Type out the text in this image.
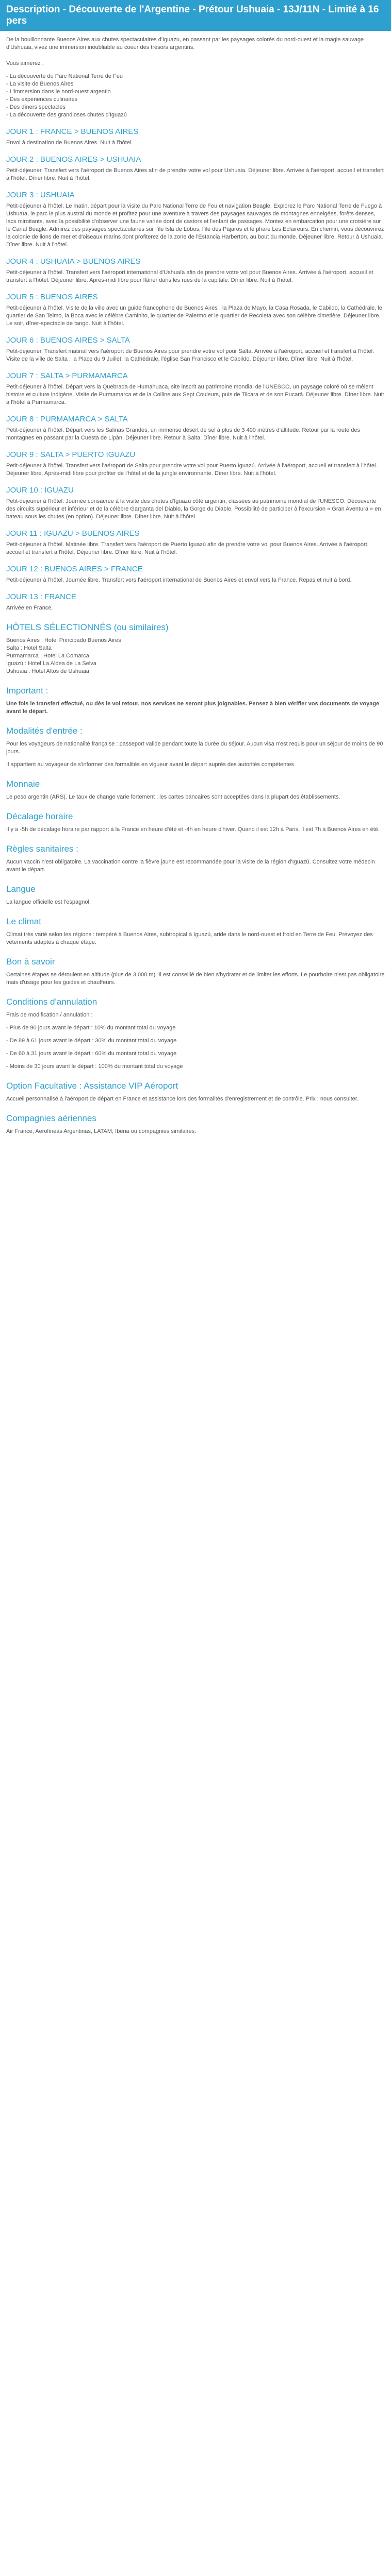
Description - Découverte de l'Argentine - Prétour Ushuaia - 13J/11N - Limité à 16 pers

De la bouillonnante Buenos Aires aux chutes spectaculaires d'Iguazu, en passant par les paysages colorés du nord-ouest et la magie sauvage d'Ushuaia, vivez une immersion inoubliable au coeur des trésors argentins.

Vous aimerez :

- La découverte du Parc National Terre de Feu
- La visite de Buenos Aires
- L'immersion dans le nord-ouest argentin
- Des expériences culinaires
- Des dîners spectacles
- La découverte des grandioses chutes d'Iguazú
JOUR 1 : FRANCE > BUENOS AIRES

Envol à destination de Buenos Aires. Nuit à l'hôtel.

JOUR 2 : BUENOS AIRES > USHUAIA

Petit-déjeuner. Transfert vers l'aéroport de Buenos Aires afin de prendre votre vol pour Ushuaia. Déjeuner libre. Arrivée à l'aéroport, accueil et transfert à l'hôtel. Dîner libre. Nuit à l'hôtel.

JOUR 3 : USHUAIA

Petit-déjeuner à l'hôtel. Le matin, départ pour la visite du Parc National Terre de Feu et navigation Beagle. Explorez le Parc National Terre de Fuego à Ushuaïa, le parc le plus austral du monde et profitez pour une aventure à travers des paysages sauvages de montagnes enneigées, forêts denses, lacs miroitants, avec la possibilité d'observer une faune variée dont de castors et l'enfant de passages. Montez en embarcation pour une croisière sur le Canal Beagle. Admirez des paysages spectaculaires sur l'île Isla de Lobos, l'île des Pájaros et le phare Les Eclaireurs. En chemin, vous découvrirez la colonie de lions de mer et d'oiseaux marins dont profiterez de la zone de l'Estancia Harberton, au bout du monde. Déjeuner libre. Retour à Ushuaia. Dîner libre. Nuit à l'hôtel.

JOUR 4 : USHUAIA > BUENOS AIRES

Petit-déjeuner à l'hôtel. Transfert vers l'aéroport international d'Ushuaïa afin de prendre votre vol pour Buenos Aires. Arrivée à l'aéroport, accueil et transfert à l'hôtel. Déjeuner libre. Après-midi libre pour flâner dans les rues de la capitale. Dîner libre. Nuit à l'hôtel.

JOUR 5 : BUENOS AIRES

Petit-déjeuner à l'hôtel. Visite de la ville avec un guide francophone de Buenos Aires : la Plaza de Mayo, la Casa Rosada, le Cabildo, la Cathédrale, le quartier de San Telmo, la Boca avec le célèbre Caminito, le quartier de Palermo et le quartier de Recoleta avec son célèbre cimetière. Déjeuner libre. Le soir, dîner-spectacle de tango. Nuit à l'hôtel.

JOUR 6 : BUENOS AIRES > SALTA

Petit-déjeuner. Transfert matinal vers l'aéroport de Buenos Aires pour prendre votre vol pour Salta. Arrivée à l'aéroport, accueil et transfert à l'hôtel. Visite de la ville de Salta : la Place du 9 Juillet, la Cathédrale, l'église San Francisco et le Cabildo. Déjeuner libre. Dîner libre. Nuit à l'hôtel.

JOUR 7 : SALTA > PURMAMARCA

Petit-déjeuner à l'hôtel. Départ vers la Quebrada de Humahuaca, site inscrit au patrimoine mondial de l'UNESCO, un paysage coloré où se mêlent histoire et culture indigène. Visite de Purmamarca et de la Colline aux Sept Couleurs, puis de Tilcara et de son Pucará. Déjeuner libre. Dîner libre. Nuit à l'hôtel à Purmamarca.

JOUR 8 : PURMAMARCA > SALTA

Petit-déjeuner à l'hôtel. Départ vers les Salinas Grandes, un immense désert de sel à plus de 3 400 mètres d'altitude. Retour par la route des montagnes en passant par la Cuesta de Lipán. Déjeuner libre. Retour à Salta. Dîner libre. Nuit à l'hôtel.

JOUR 9 : SALTA > PUERTO IGUAZU

Petit-déjeuner à l'hôtel. Transfert vers l'aéroport de Salta pour prendre votre vol pour Puerto Iguazú. Arrivée à l'aéroport, accueil et transfert à l'hôtel. Déjeuner libre. Après-midi libre pour profiter de l'hôtel et de la jungle environnante. Dîner libre. Nuit à l'hôtel.

JOUR 10 : IGUAZU

Petit-déjeuner à l'hôtel. Journée consacrée à la visite des chutes d'Iguazú côté argentin, classées au patrimoine mondial de l'UNESCO. Découverte des circuits supérieur et inférieur et de la célèbre Garganta del Diablo, la Gorge du Diable. Possibilité de participer à l'excursion « Gran Aventura » en bateau sous les chutes (en option). Déjeuner libre. Dîner libre. Nuit à l'hôtel.

JOUR 11 : IGUAZU > BUENOS AIRES

Petit-déjeuner à l'hôtel. Matinée libre. Transfert vers l'aéroport de Puerto Iguazú afin de prendre votre vol pour Buenos Aires. Arrivée à l'aéroport, accueil et transfert à l'hôtel. Déjeuner libre. Dîner libre. Nuit à l'hôtel.

JOUR 12 : BUENOS AIRES > FRANCE

Petit-déjeuner à l'hôtel. Journée libre. Transfert vers l'aéroport international de Buenos Aires et envol vers la France. Repas et nuit à bord.

JOUR 13 : FRANCE

Arrivée en France.

HÔTELS SÉLECTIONNÉS (ou similaires)
Buenos Aires : Hotel Principado Buenos Aires
Salta : Hotel Salta
Purmamarca : Hotel La Comarca
Iguazú : Hotel La Aldea de La Selva
Ushuaia : Hotel Altos de Ushuaia
Important :

Une fois le transfert effectué, ou dès le vol retour, nos services ne seront plus joignables. Pensez à bien vérifier vos documents de voyage avant le départ.

Modalités d'entrée :

Pour les voyageurs de nationalité française : passeport valide pendant toute la durée du séjour. Aucun visa n'est requis pour un séjour de moins de 90 jours.

Il appartient au voyageur de s'informer des formalités en vigueur avant le départ auprès des autorités compétentes.

Monnaie

Le peso argentin (ARS). Le taux de change varie fortement ; les cartes bancaires sont acceptées dans la plupart des établissements.

Décalage horaire

Il y a -5h de décalage horaire par rapport à la France en heure d'été et -4h en heure d'hiver. Quand il est 12h à Paris, il est 7h à Buenos Aires en été.

Règles sanitaires :

Aucun vaccin n'est obligatoire. La vaccination contre la fièvre jaune est recommandée pour la visite de la région d'Iguazú. Consultez votre médecin avant le départ.

Langue

La langue officielle est l'espagnol.

Le climat

Climat très varié selon les régions : tempéré à Buenos Aires, subtropical à Iguazú, aride dans le nord-ouest et froid en Terre de Feu. Prévoyez des vêtements adaptés à chaque étape.

Bon à savoir

Certaines étapes se déroulent en altitude (plus de 3 000 m). Il est conseillé de bien s'hydrater et de limiter les efforts. Le pourboire n'est pas obligatoire mais d'usage pour les guides et chauffeurs.

Conditions d'annulation

Frais de modification / annulation :

- Plus de 90 jours avant le départ : 10% du montant total du voyage

- De 89 à 61 jours avant le départ : 30% du montant total du voyage

- De 60 à 31 jours avant le départ : 60% du montant total du voyage

- Moins de 30 jours avant le départ : 100% du montant total du voyage

Option Facultative : Assistance VIP Aéroport

Accueil personnalisé à l'aéroport de départ en France et assistance lors des formalités d'enregistrement et de contrôle. Prix : nous consulter.

Compagnies aériennes

Air France, Aerolíneas Argentinas, LATAM, Iberia ou compagnies similaires.
